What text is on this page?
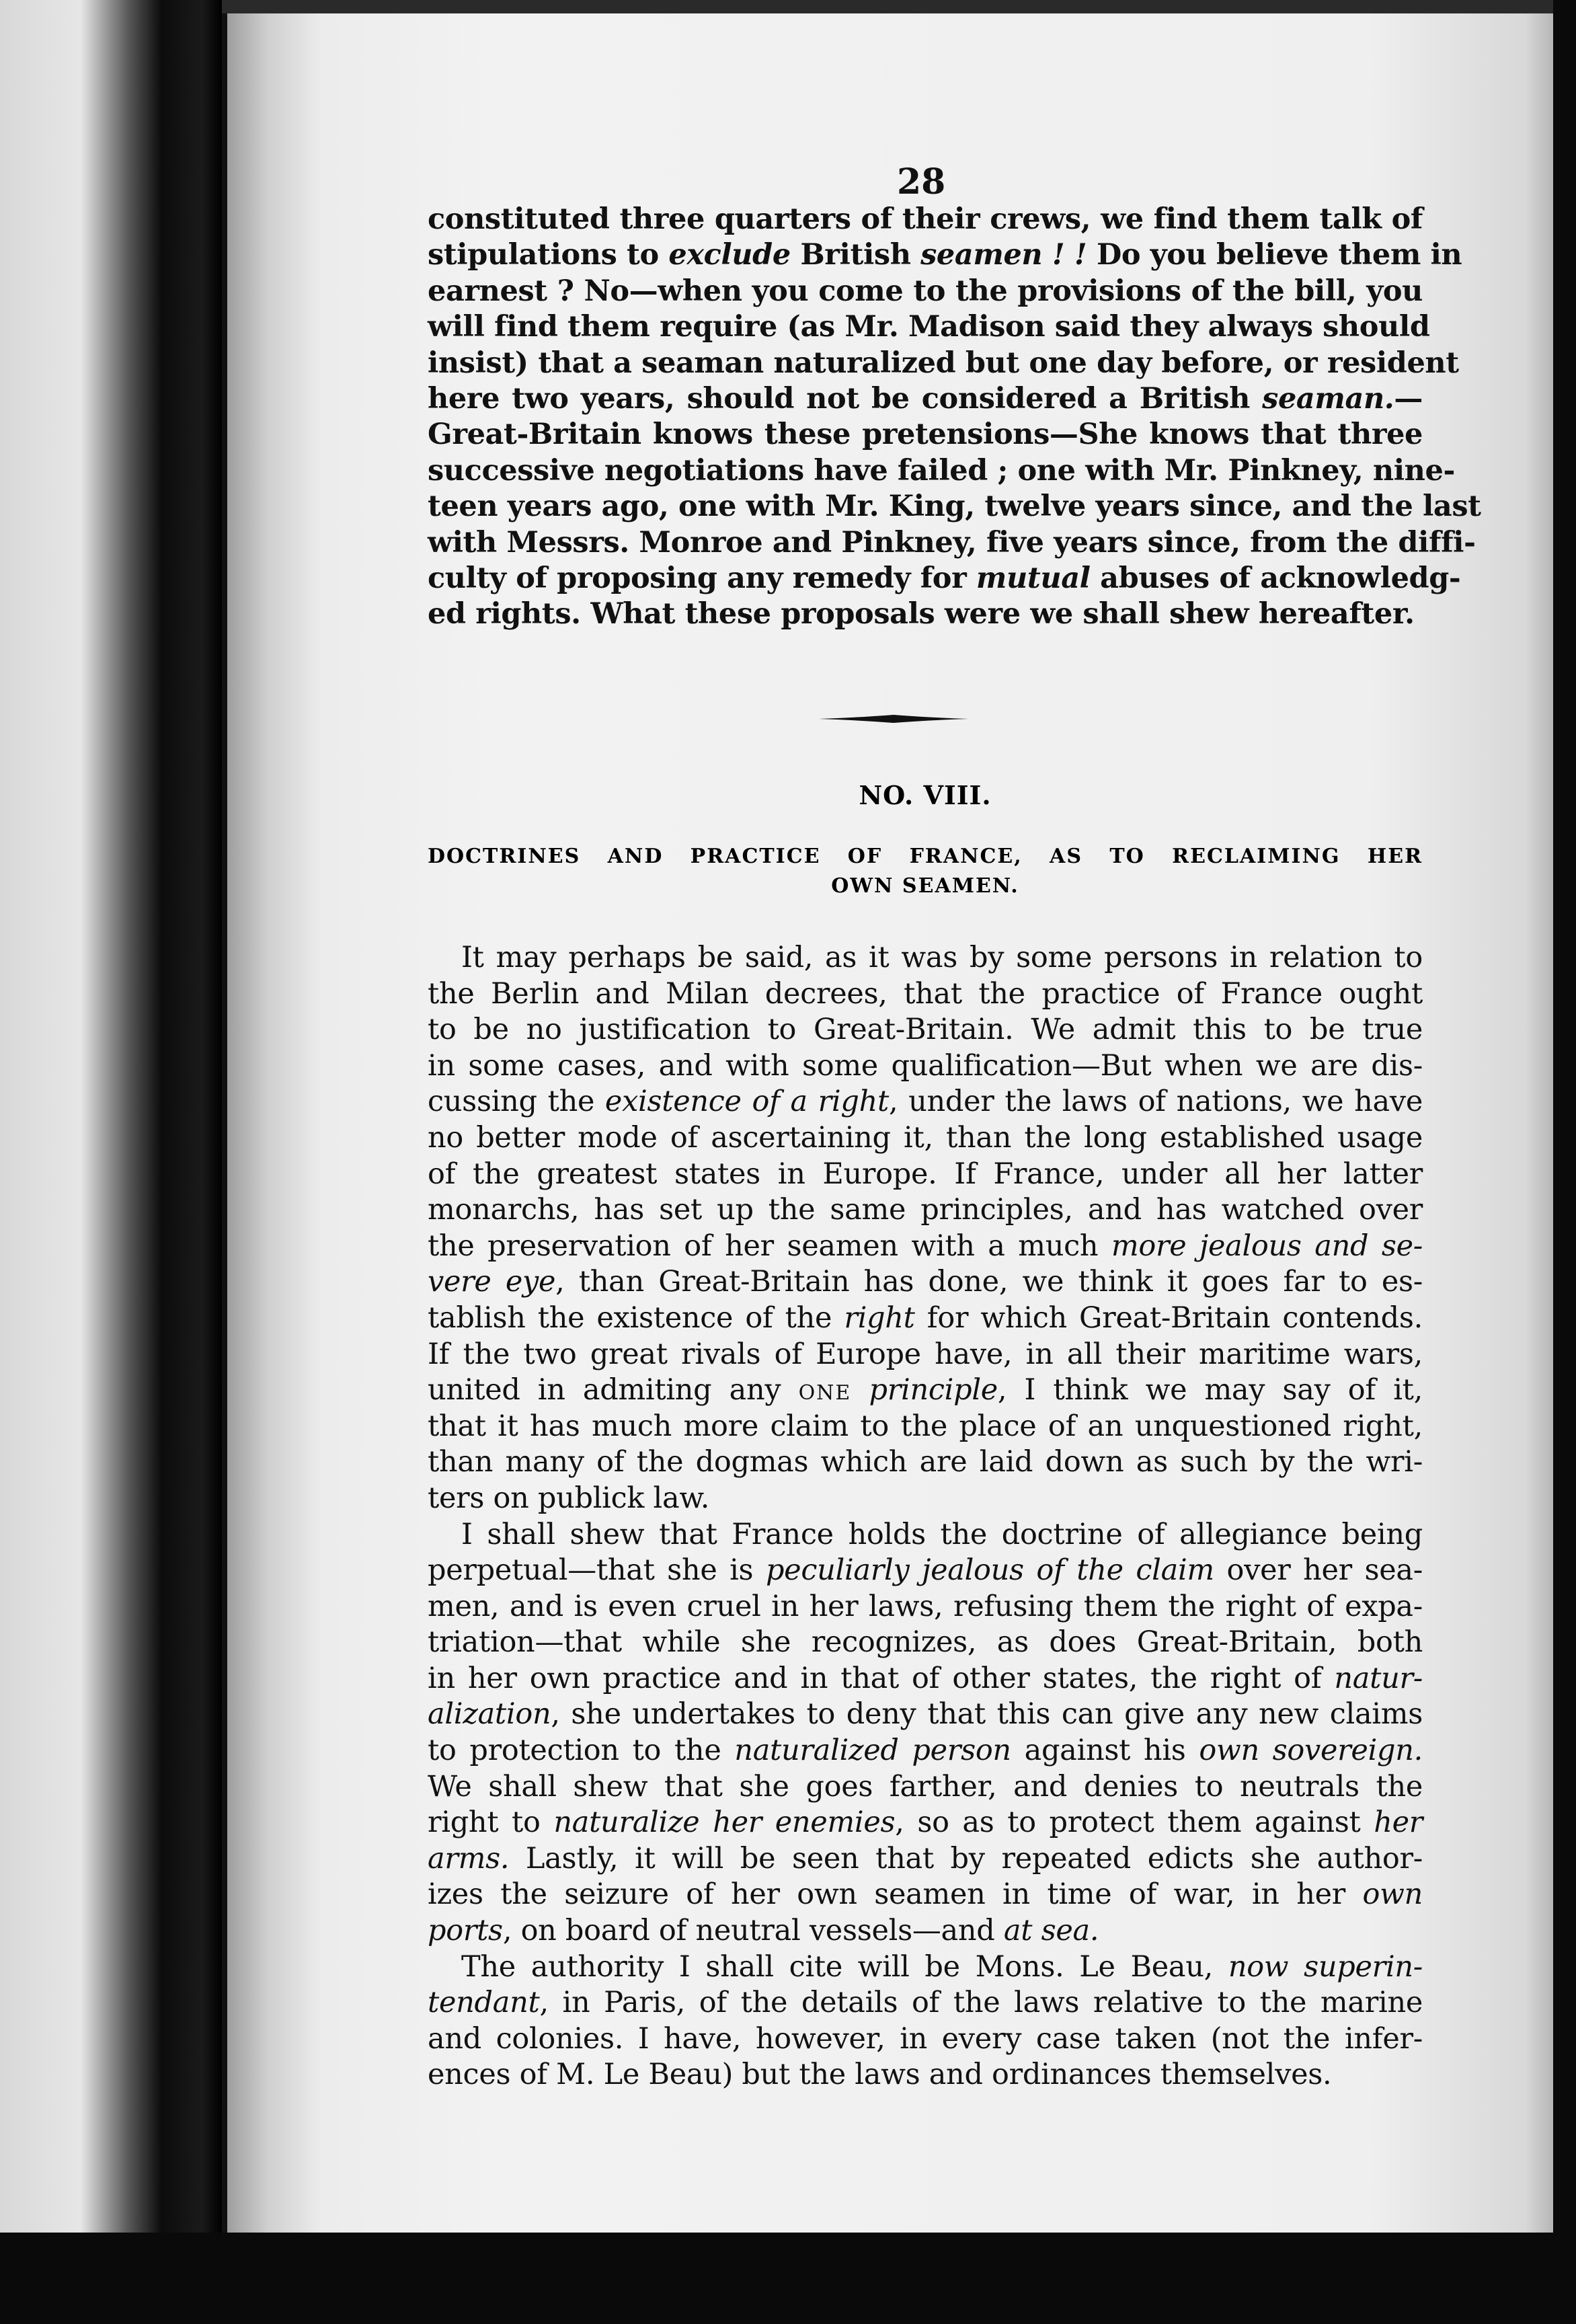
28
constituted three quarters of their crews, we find them talk of
stipulations to exclude British seamen ! ! Do you believe them in
earnest ? No—when you come to the provisions of the bill, you
will find them require (as Mr. Madison said they always should
insist) that a seaman naturalized but one day before, or resident
here two years, should not be considered a British seaman.—
Great-Britain knows these pretensions—She knows that three
successive negotiations have failed ; one with Mr. Pinkney, nine-
teen years ago, one with Mr. King, twelve years since, and the last
with Messrs. Monroe and Pinkney, five years since, from the diffi-
culty of proposing any remedy for mutual abuses of acknowledg-
ed rights. What these proposals were we shall shew hereafter.
NO. VIII.
DOCTRINES AND PRACTICE OF FRANCE, AS TO RECLAIMING HER
OWN SEAMEN.
It may perhaps be said, as it was by some persons in relation to
the Berlin and Milan decrees, that the practice of France ought
to be no justification to Great-Britain. We admit this to be true
in some cases, and with some qualification—But when we are dis-
cussing the existence of a right, under the laws of nations, we have
no better mode of ascertaining it, than the long established usage
of the greatest states in Europe. If France, under all her latter
monarchs, has set up the same principles, and has watched over
the preservation of her seamen with a much more jealous and se-
vere eye, than Great-Britain has done, we think it goes far to es-
tablish the existence of the right for which Great-Britain contends.
If the two great rivals of Europe have, in all their maritime wars,
united in admiting any one principle, I think we may say of it,
that it has much more claim to the place of an unquestioned right,
than many of the dogmas which are laid down as such by the wri-
ters on publick law.
I shall shew that France holds the doctrine of allegiance being
perpetual—that she is peculiarly jealous of the claim over her sea-
men, and is even cruel in her laws, refusing them the right of expa-
triation—that while she recognizes, as does Great-Britain, both
in her own practice and in that of other states, the right of natur-
alization, she undertakes to deny that this can give any new claims
to protection to the naturalized person against his own sovereign.
We shall shew that she goes farther, and denies to neutrals the
right to naturalize her enemies, so as to protect them against her
arms. Lastly, it will be seen that by repeated edicts she author-
izes the seizure of her own seamen in time of war, in her own
ports, on board of neutral vessels—and at sea.
The authority I shall cite will be Mons. Le Beau, now superin-
tendant, in Paris, of the details of the laws relative to the marine
and colonies. I have, however, in every case taken (not the infer-
ences of M. Le Beau) but the laws and ordinances themselves.
